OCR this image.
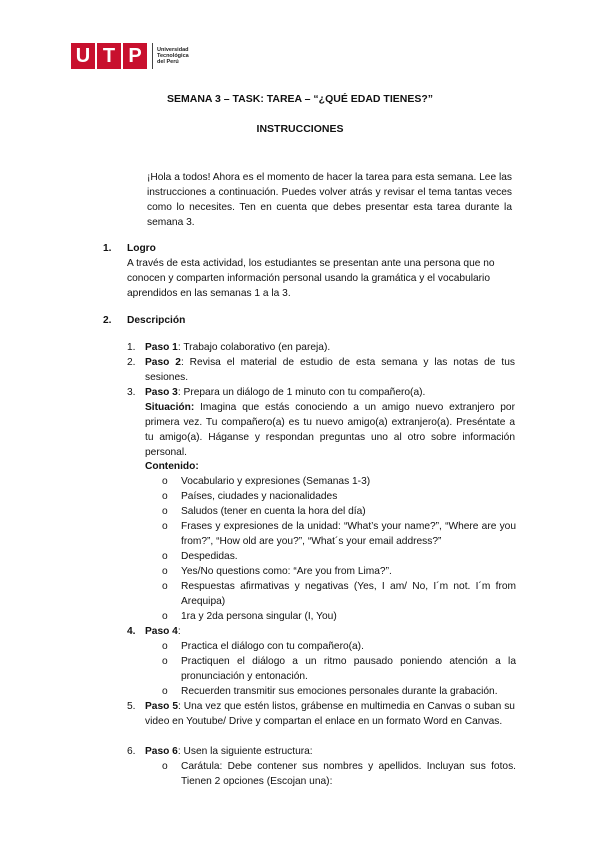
U T P	Universidad
Tecnológica
del Perú
SEMANA 3 – TASK: TAREA – “¿QUÉ EDAD TIENES?”
INSTRUCCIONES
¡Hola a todos! Ahora es el momento de hacer la tarea para esta semana. Lee las instrucciones a continuación. Puedes volver atrás y revisar el tema tantas veces como lo necesites. Ten en cuenta que debes presentar esta tarea durante la semana 3.
1. Logro
A través de esta actividad, los estudiantes se presentan ante una persona que no conocen y comparten información personal usando la gramática y el vocabulario aprendidos en las semanas 1 a la 3.
2. Descripción
1. Paso 1: Trabajo colaborativo (en pareja).
2. Paso 2: Revisa el material de estudio de esta semana y las notas de tus sesiones.
3. Paso 3: Prepara un diálogo de 1 minuto con tu compañero(a).
Situación: Imagina que estás conociendo a un amigo nuevo extranjero por primera vez. Tu compañero(a) es tu nuevo amigo(a) extranjero(a). Preséntate a tu amigo(a). Háganse y respondan preguntas uno al otro sobre información personal.
Contenido:
o Vocabulario y expresiones (Semanas 1-3)
o Países, ciudades y nacionalidades
o Saludos (tener en cuenta la hora del día)
o Frases y expresiones de la unidad: “What’s your name?”, “Where are you from?”, “How old are you?”, “What´s your email address?”
o Despedidas.
o Yes/No questions como: “Are you from Lima?”.
o Respuestas afirmativas y negativas (Yes, I am/ No, I´m not. I´m from Arequipa)
o 1ra y 2da persona singular (I, You)
4. Paso 4:
o Practica el diálogo con tu compañero(a).
o Practiquen el diálogo a un ritmo pausado poniendo atención a la pronunciación y entonación.
o Recuerden transmitir sus emociones personales durante la grabación.
5. Paso 5: Una vez que estén listos, grábense en multimedia en Canvas o suban su video en Youtube/ Drive y compartan el enlace en un formato Word en Canvas.
6. Paso 6: Usen la siguiente estructura:
o Carátula: Debe contener sus nombres y apellidos. Incluyan sus fotos. Tienen 2 opciones (Escojan una):
